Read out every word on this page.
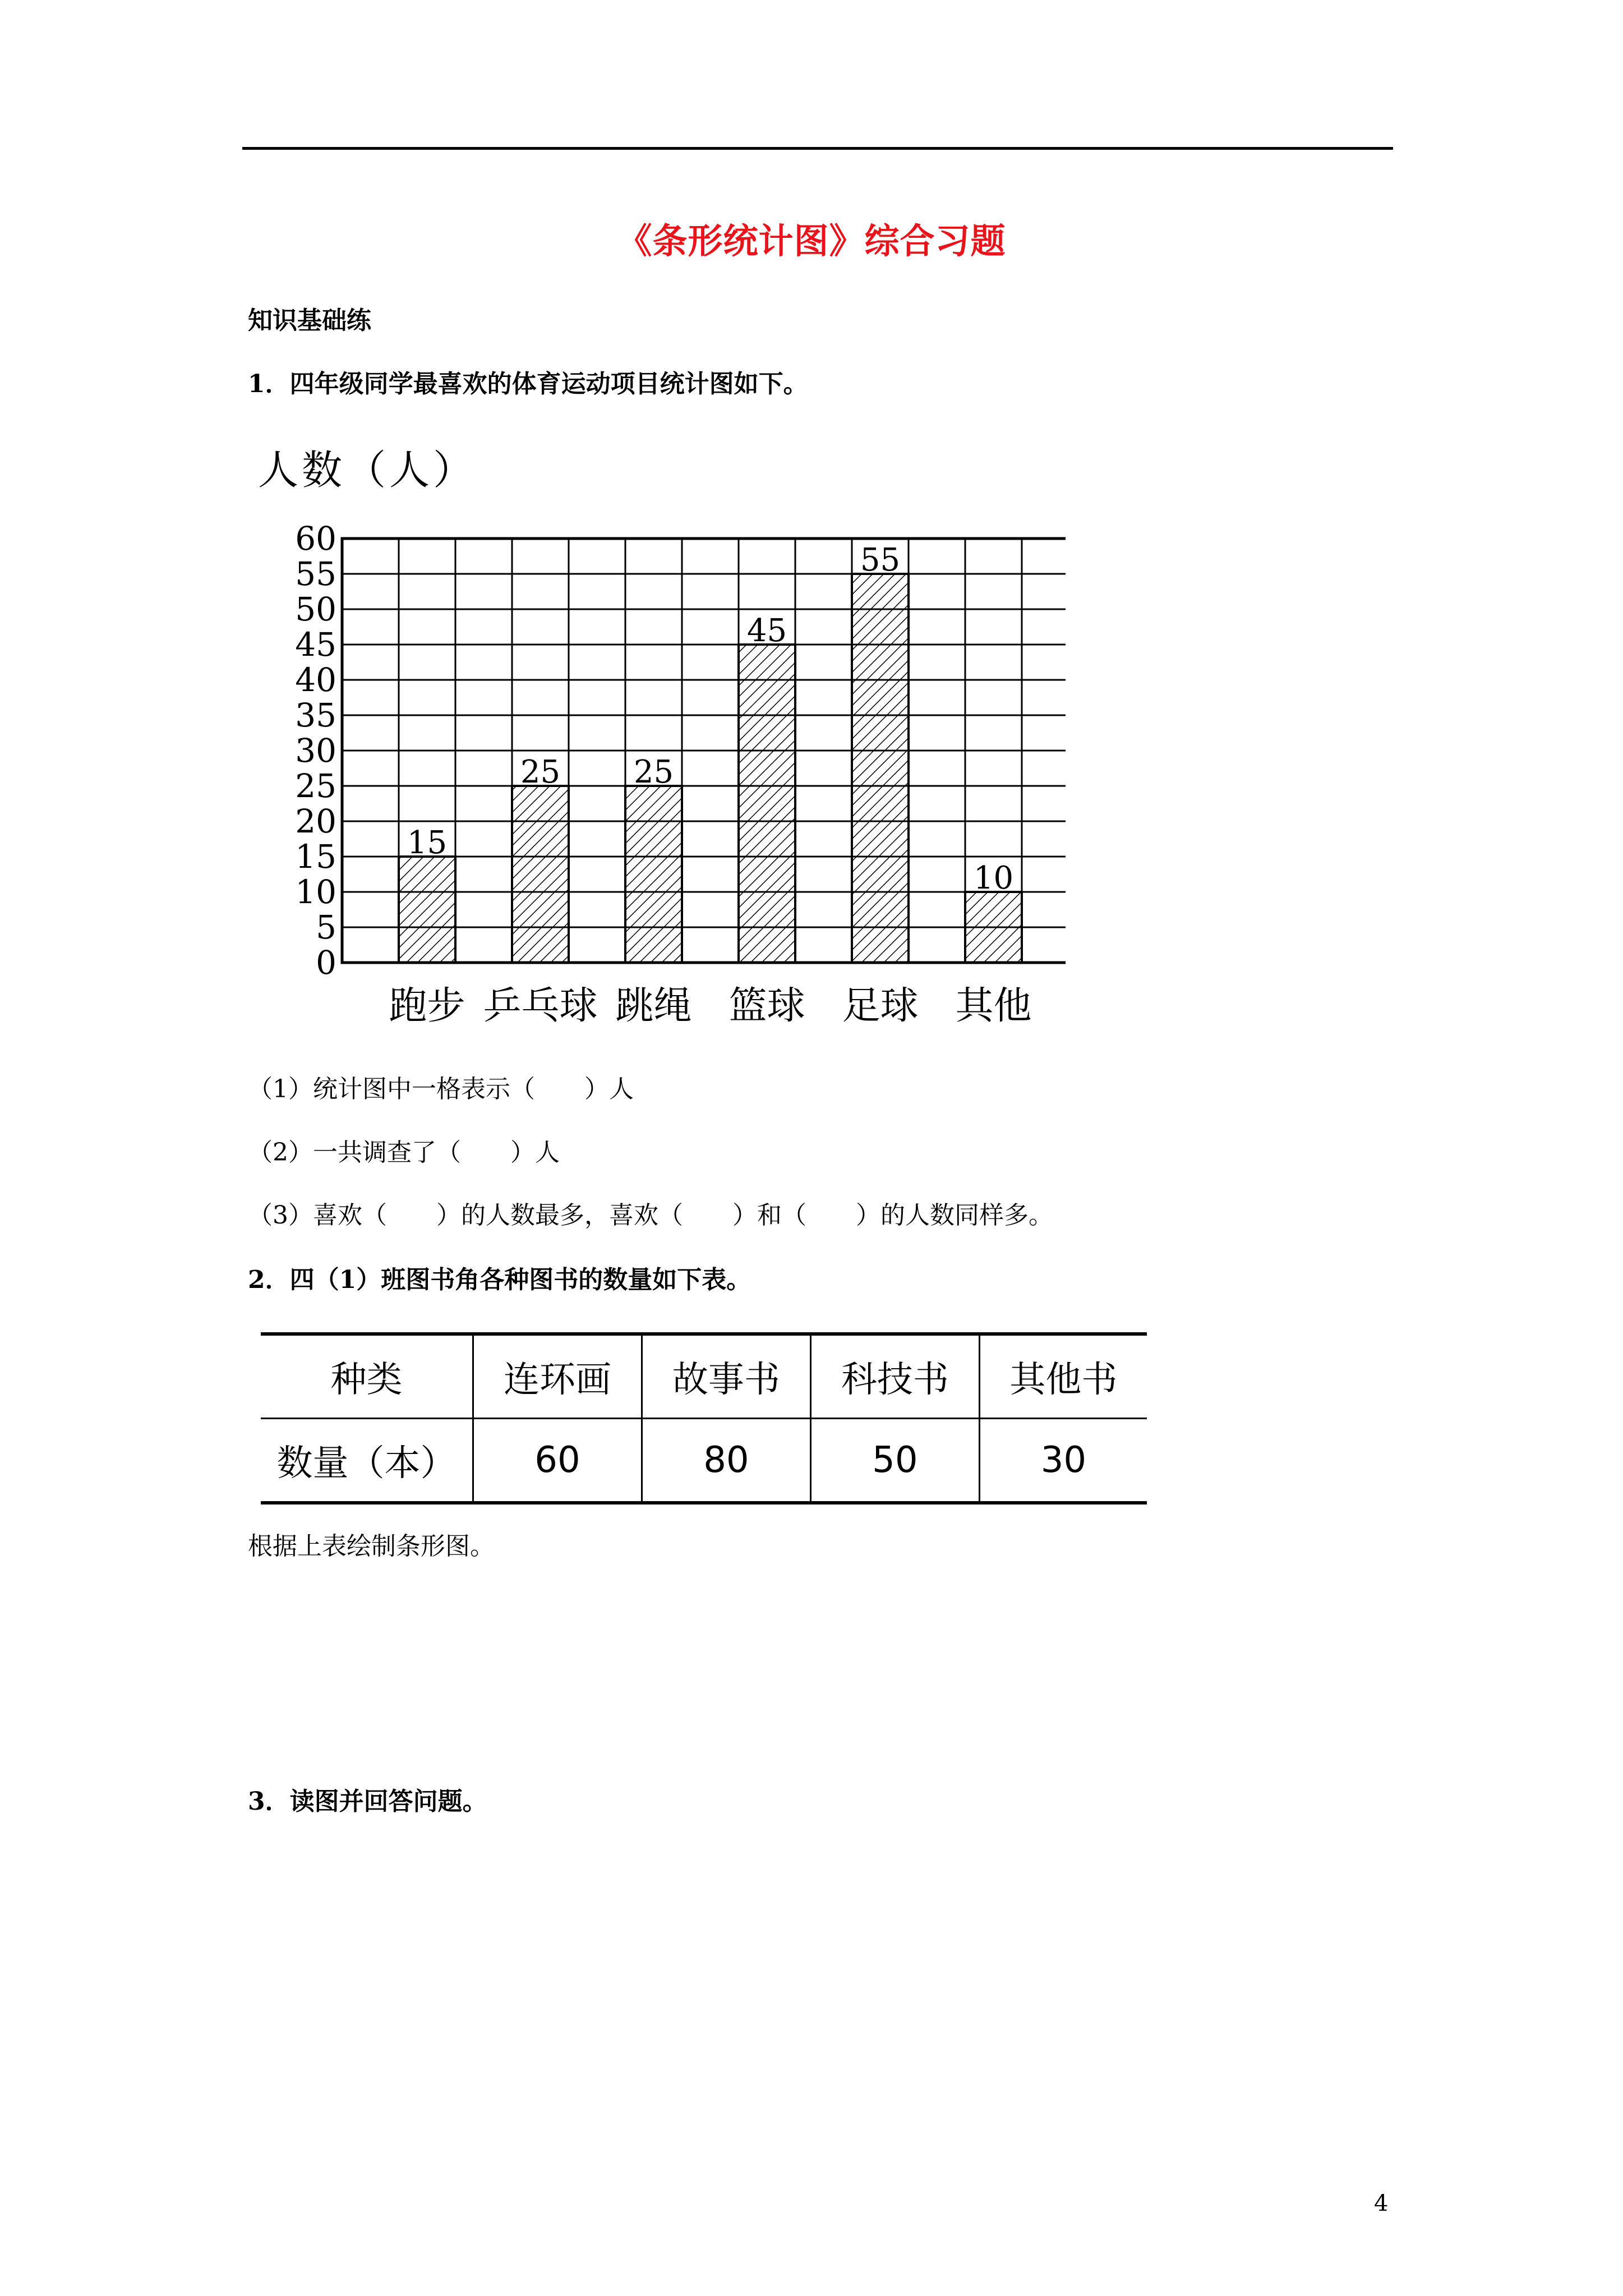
《条形统计图》综合习题
知识基础练
1．四年级同学最喜欢的体育运动项目统计图如下。
人数（人）
0
5
10
15
20
25
30
35
40
45
50
55
60
15
跑步
25
乒乓球
25
跳绳
45
篮球
55
足球
10
其他
（1）统计图中一格表示（　　）人
（2）一共调查了（　　）人
（3）喜欢（　　）的人数最多，喜欢（　　）和（　　）的人数同样多。
2．四（1）班图书角各种图书的数量如下表。
种类	连环画	故事书	科技书	其他书
数量（本）	60	80	50	30
根据上表绘制条形图。
3．读图并回答问题。
4
